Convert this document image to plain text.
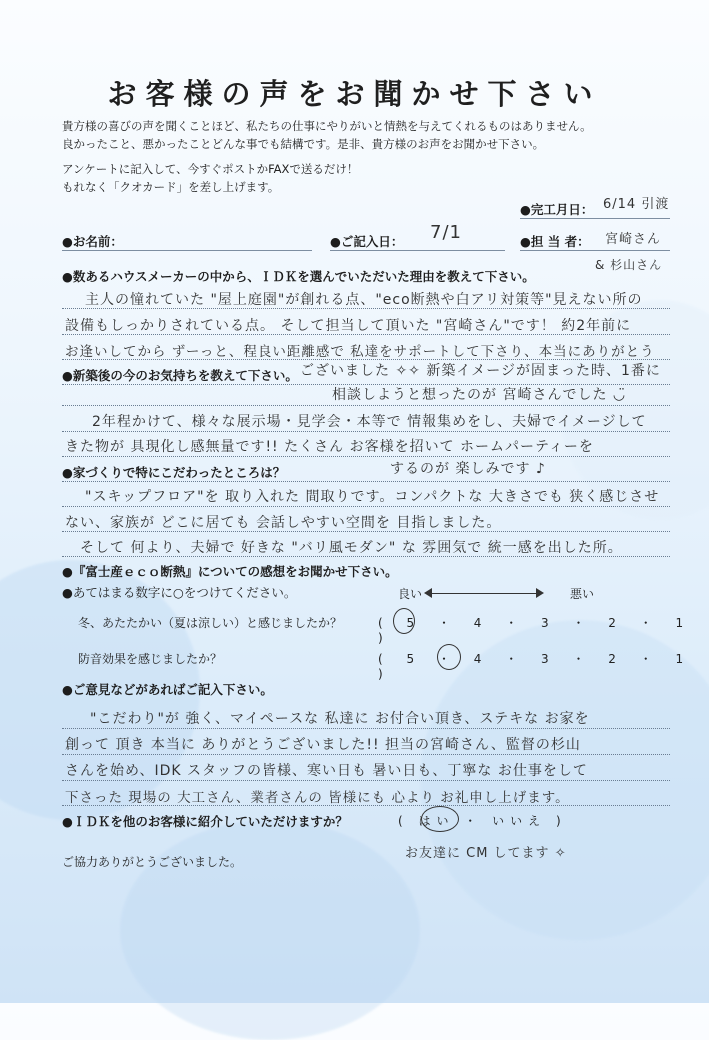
お客様の声をお聞かせ下さい
貴方様の喜びの声を聞くことほど、私たちの仕事にやりがいと情熱を与えてくれるものはありません。
良かったこと、悪かったことどんな事でも結構です。是非、貴方様のお声をお聞かせ下さい。
アンケートに記入して、今すぐポストかFAXで送るだけ！
もれなく「クオカード」を差し上げます。
●完工月日： 6/14 引渡
●お名前：	●ご記入日： 7/1	●担 当 者： 宮崎さん
& 杉山さん
●数あるハウスメーカーの中から、ＩＤＫを選んでいただいた理由を教えて下さい。
主人の憧れていた "屋上庭園"が創れる点、"eco断熱や白アリ対策等"見えない所の
設備もしっかりされている点。 そして担当して頂いた "宮崎さん"です！ 約2年前に
お逢いしてから ずーっと、程良い距離感で 私達をサポートして下さり、本当にありがとう
●新築後の今のお気持ちを教えて下さい。 ございました ✧✧ 新築イメージが固まった時、1番に
相談しようと想ったのが 宮崎さんでした ◡̈
2年程かけて、様々な展示場・見学会・本等で 情報集めをし、夫婦でイメージして
きた物が 具現化し感無量です!! たくさん お客様を招いて ホームパーティーを
するのが 楽しみです ♪
●家づくりで特にこだわったところは？
"スキップフロア"を 取り入れた 間取りです。コンパクトな 大きさでも 狭く感じさせ
ない、家族が どこに居ても 会話しやすい空間を 目指しました。
そして 何より、夫婦で 好きな "バリ風モダン" な 雰囲気で 統一感を出した所。
●『富士産ｅｃｏ断熱』についての感想をお聞かせ下さい。
●あてはまる数字に○をつけてください。	良い	悪い
冬、あたたかい（夏は涼しい）と感じましたか？	( 5 ・ 4 ・ 3 ・ 2 ・ 1 )
防音効果を感じましたか？	( 5 ・ 4 ・ 3 ・ 2 ・ 1 )
●ご意見などがあればご記入下さい。
"こだわり"が 強く、マイペースな 私達に お付合い頂き、ステキな お家を
創って 頂き 本当に ありがとうございました!! 担当の宮崎さん、監督の杉山
さんを始め、IDK スタッフの皆様、寒い日も 暑い日も、丁寧な お仕事をして
下さった 現場の 大工さん、業者さんの 皆様にも 心より お礼申し上げます。
●ＩＤＫを他のお客様に紹介していただけますか？	( はい ・ いいえ )
お友達に CM してます ✧
ご協力ありがとうございました。
